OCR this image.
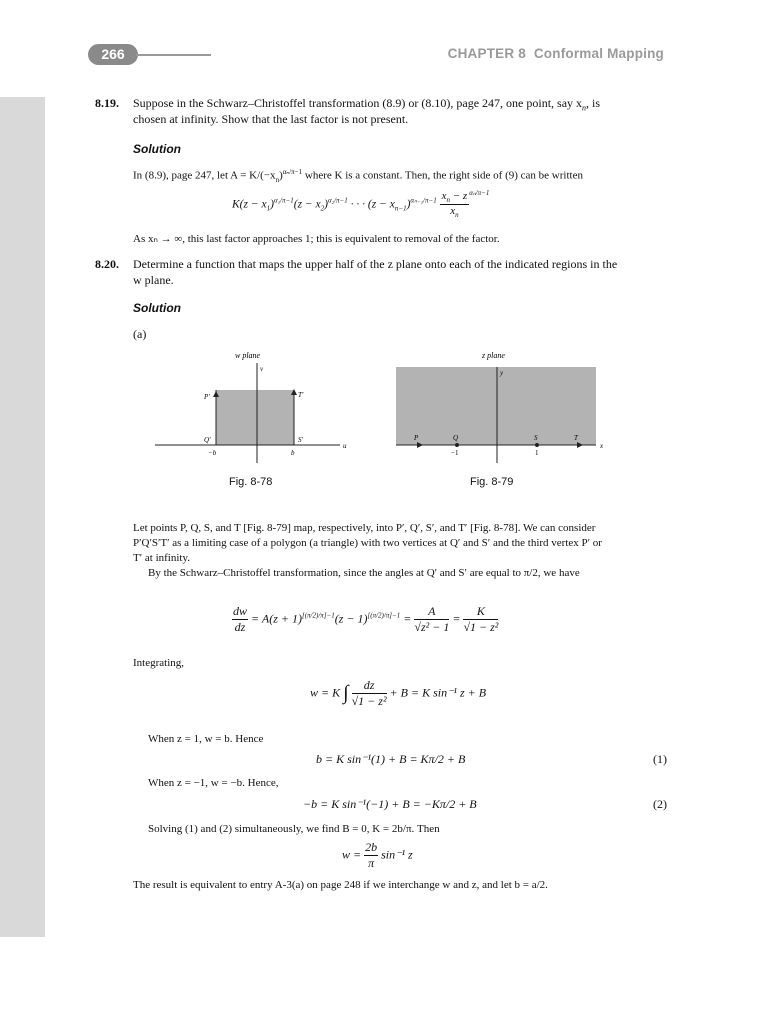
266	CHAPTER 8 Conformal Mapping
8.19. Suppose in the Schwarz–Christoffel transformation (8.9) or (8.10), page 247, one point, say $x_n$, is
chosen at infinity. Show that the last factor is not present.
Solution
In (8.9), page 247, let $A = K/(-x_n)^{\alpha_n/\pi-1}$ where K is a constant. Then, the right side of (9) can be written
$K(z - x_1)^{\alpha_1/\pi-1}(z - x_2)^{\alpha_2/\pi-1}$ · · · $(z - x_{n-1})^{\alpha_{n-1}/\pi-1} \frac{x_n - z}{x_n} ^{\alpha_n/\pi-1}$
As xₙ → ∞, this last factor approaches 1; this is equivalent to removal of the factor.
8.20. Determine a function that maps the upper half of the z plane onto each of the indicated regions in the
w plane.
Solution
(a)
w plane
v
u
P′	T′
Q′	S′
−b	b
Fig. 8-78
z plane
y
x
P	Q	S	T
−1	1
Fig. 8-79
Let points P, Q, S, and T [Fig. 8-79] map, respectively, into P′, Q′, S′, and T′ [Fig. 8-78]. We can consider
P′Q′S′T′ as a limiting case of a polygon (a triangle) with two vertices at Q′ and S′ and the third vertex P′ or
T′ at infinity.
By the Schwarz–Christoffel transformation, since the angles at Q′ and S′ are equal to π/2, we have
$\frac{dw}{dz} = A(z + 1)^{[(\pi/2)/\pi]-1}(z - 1)^{[(\pi/2)/\pi]-1} = \frac{A}{\text{√z² − 1}} = \frac{K}{\text{√1 − z²}}$
Integrating,
w = K ∫ $\frac{dz}{\text{√1 − z²}} + B = K$ sin⁻¹ z + B
When z = 1, w = b. Hence
b = K sin⁻¹(1) + B = Kπ/2 + B	(1)
When z = −1, w = −b. Hence,
−b = K sin⁻¹(−1) + B = −Kπ/2 + B	(2)
Solving (1) and (2) simultaneously, we find B = 0, K = 2b/π. Then
$w = \frac{2b}{\pi} \sin^{-1}$ z
The result is equivalent to entry A-3(a) on page 248 if we interchange w and z, and let b = a/2.
